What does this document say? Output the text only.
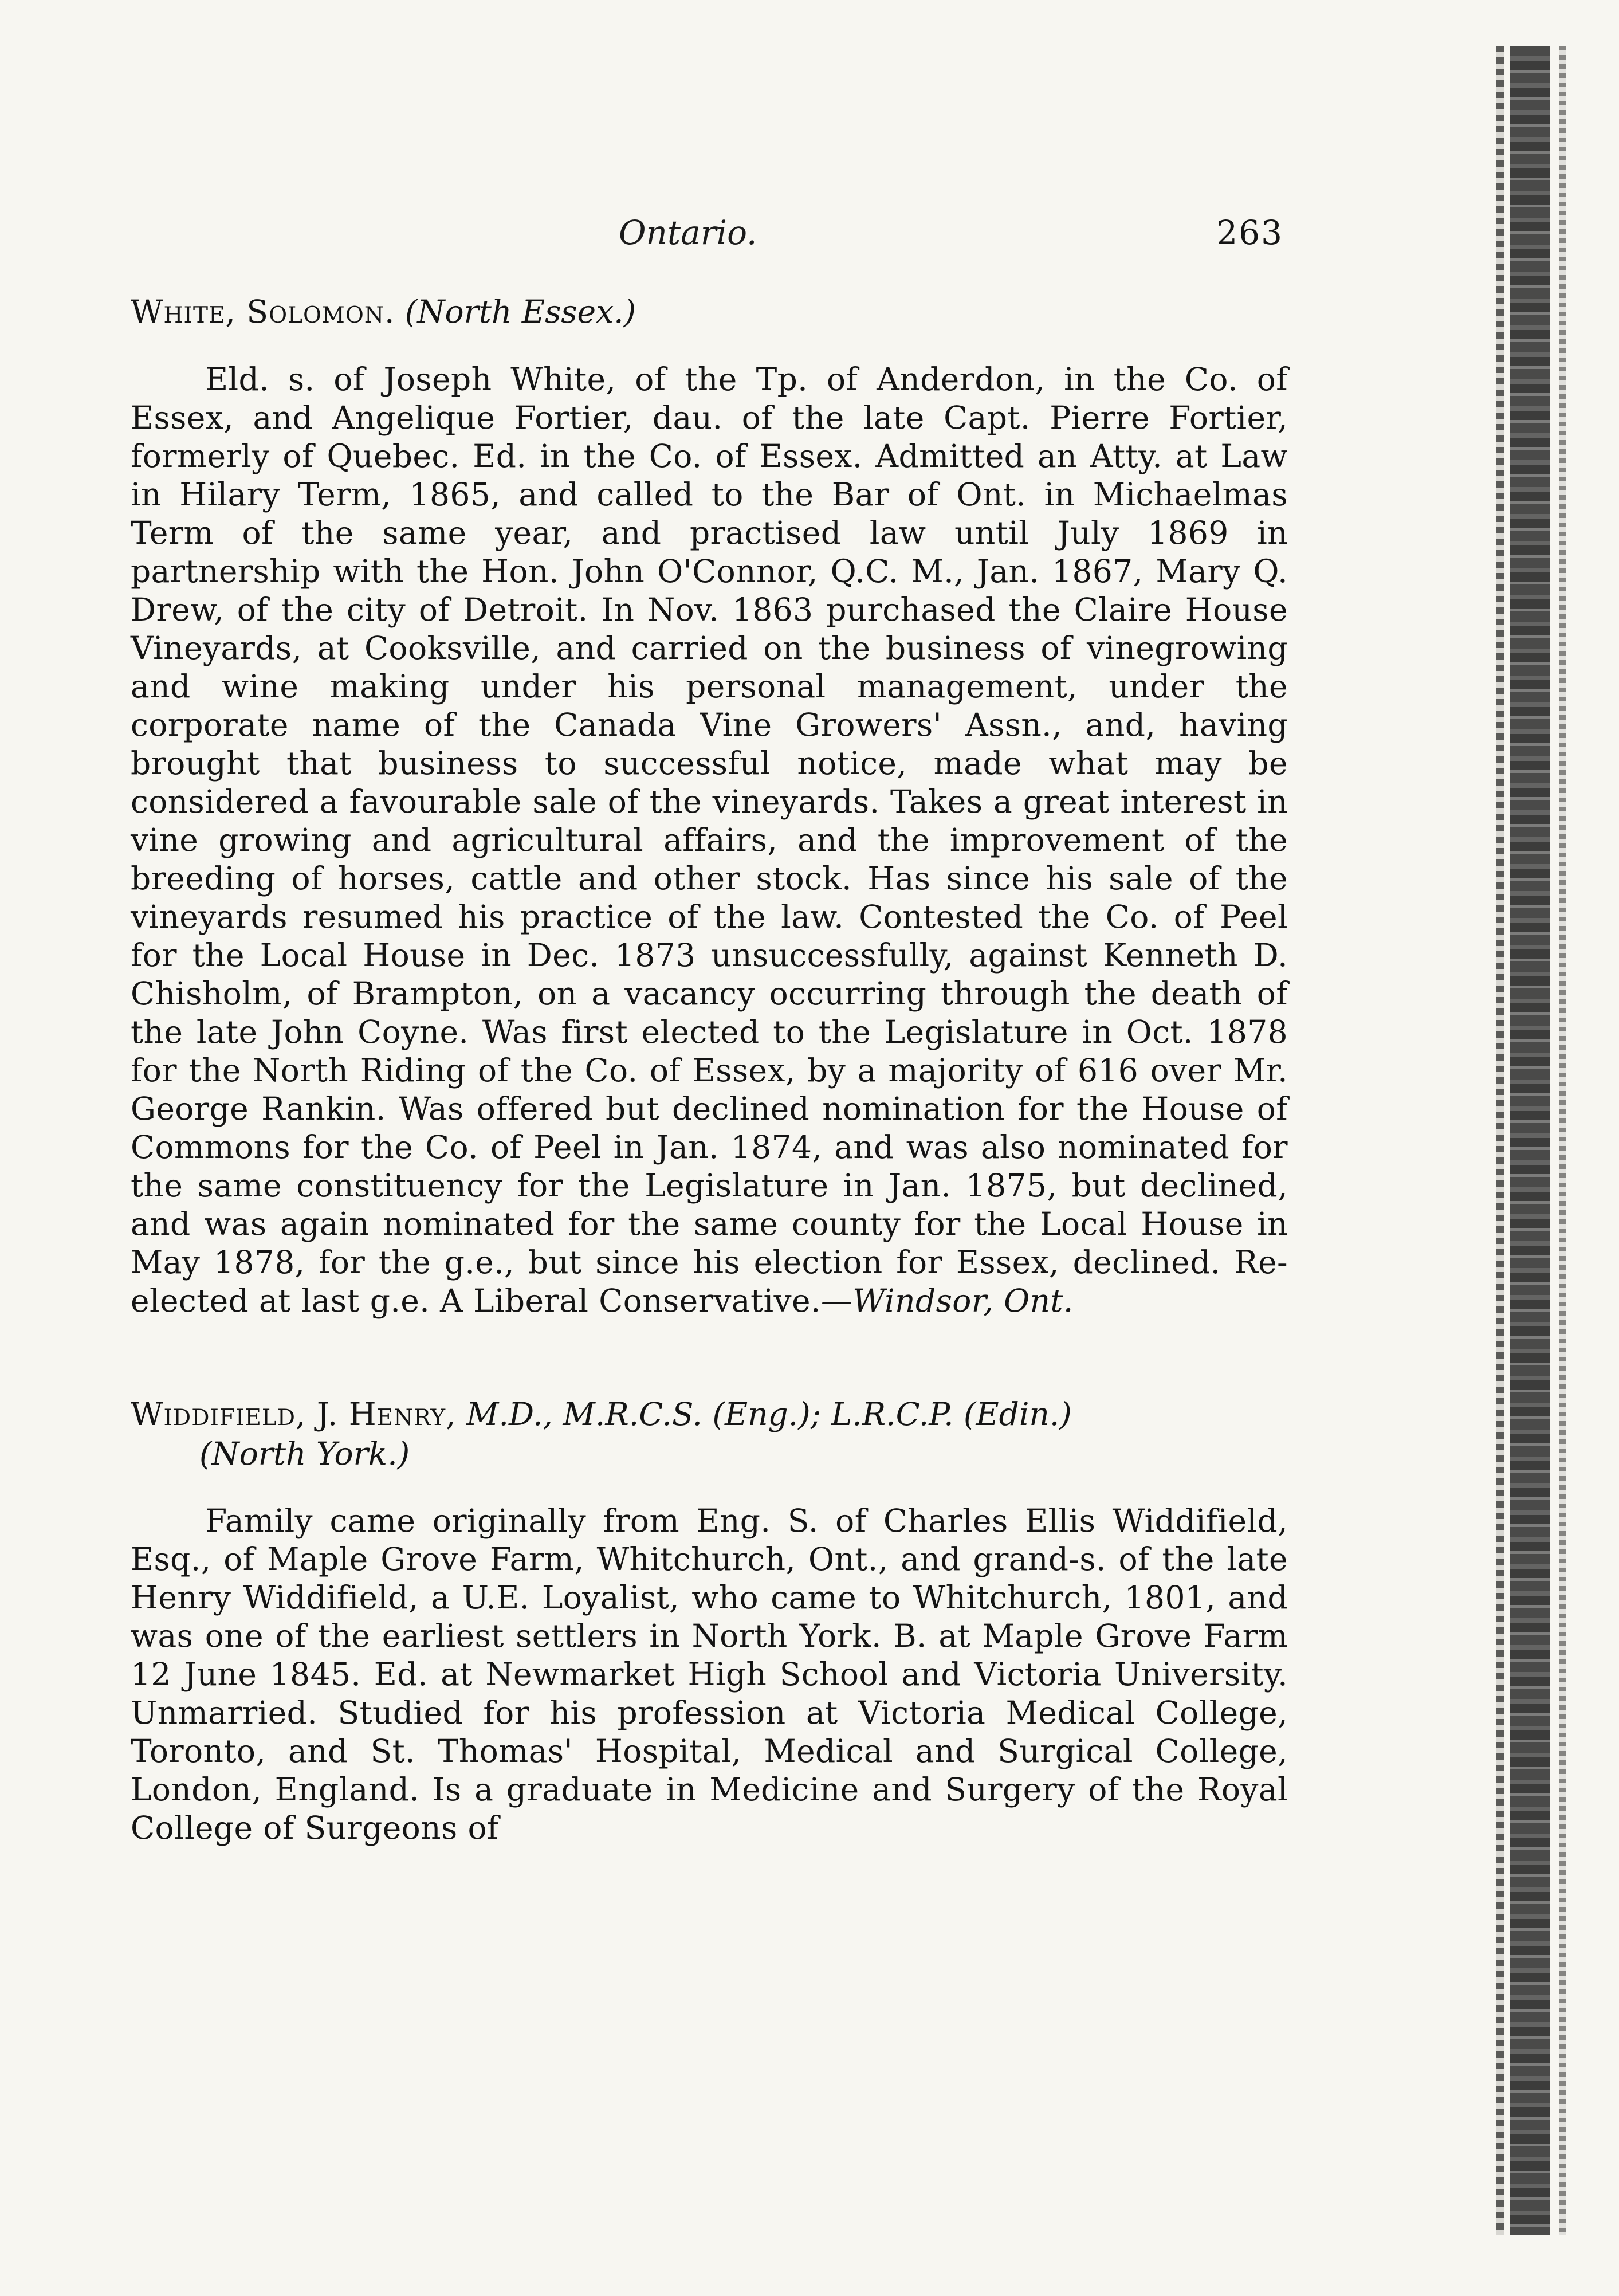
Ontario.	263
White, Solomon. (North Essex.)

Eld. s. of Joseph White, of the Tp. of Anderdon, in the Co. of Essex, and Angelique Fortier, dau. of the late Capt. Pierre Fortier, formerly of Quebec. Ed. in the Co. of Essex. Admitted an Atty. at Law in Hilary Term, 1865, and called to the Bar of Ont. in Michaelmas Term of the same year, and practised law until July 1869 in partnership with the Hon. John O'Connor, Q.C. M., Jan. 1867, Mary Q. Drew, of the city of Detroit. In Nov. 1863 purchased the Claire House Vineyards, at Cooksville, and carried on the business of vinegrowing and wine making under his personal management, under the corporate name of the Canada Vine Growers' Assn., and, having brought that business to successful notice, made what may be considered a favourable sale of the vineyards. Takes a great interest in vine growing and agricultural affairs, and the improvement of the breeding of horses, cattle and other stock. Has since his sale of the vineyards resumed his practice of the law. Contested the Co. of Peel for the Local House in Dec. 1873 unsuccessfully, against Kenneth D. Chisholm, of Brampton, on a vacancy occurring through the death of the late John Coyne. Was first elected to the Legislature in Oct. 1878 for the North Riding of the Co. of Essex, by a majority of 616 over Mr. George Rankin. Was offered but declined nomination for the House of Commons for the Co. of Peel in Jan. 1874, and was also nominated for the same constituency for the Legislature in Jan. 1875, but declined, and was again nominated for the same county for the Local House in May 1878, for the g.e., but since his election for Essex, declined. Re-elected at last g.e. A Liberal Conservative.—Windsor, Ont.

Widdifield, J. Henry, M.D., M.R.C.S. (Eng.); L.R.C.P. (Edin.)
(North York.)

Family came originally from Eng. S. of Charles Ellis Widdifield, Esq., of Maple Grove Farm, Whitchurch, Ont., and grand-s. of the late Henry Widdifield, a U.E. Loyalist, who came to Whitchurch, 1801, and was one of the earliest settlers in North York. B. at Maple Grove Farm 12 June 1845. Ed. at Newmarket High School and Victoria University. Unmarried. Studied for his profession at Victoria Medical College, Toronto, and St. Thomas' Hospital, Medical and Surgical College, London, England. Is a graduate in Medicine and Surgery of the Royal College of Surgeons of
